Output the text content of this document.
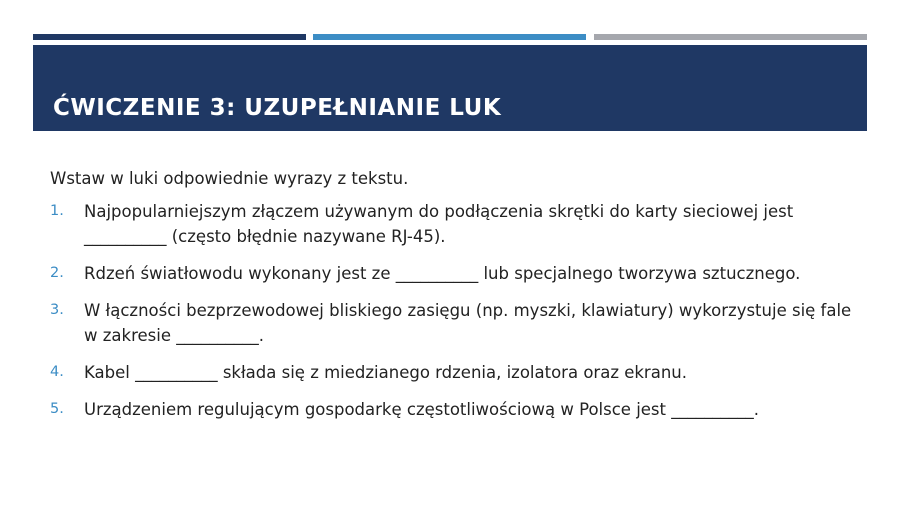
ĆWICZENIE 3: UZUPEŁNIANIE LUK

Wstaw w luki odpowiednie wyrazy z tekstu.

1.	Najpopularniejszym złączem używanym do podłączenia skrętki do karty sieciowej jest __________ (często błędnie nazywane RJ-45).
2.	Rdzeń światłowodu wykonany jest ze __________ lub specjalnego tworzywa sztucznego.
3.	W łączności bezprzewodowej bliskiego zasięgu (np. myszki, klawiatury) wykorzystuje się fale w zakresie __________.
4.	Kabel __________ składa się z miedzianego rdzenia, izolatora oraz ekranu.
5.	Urządzeniem regulującym gospodarkę częstotliwościową w Polsce jest __________.
